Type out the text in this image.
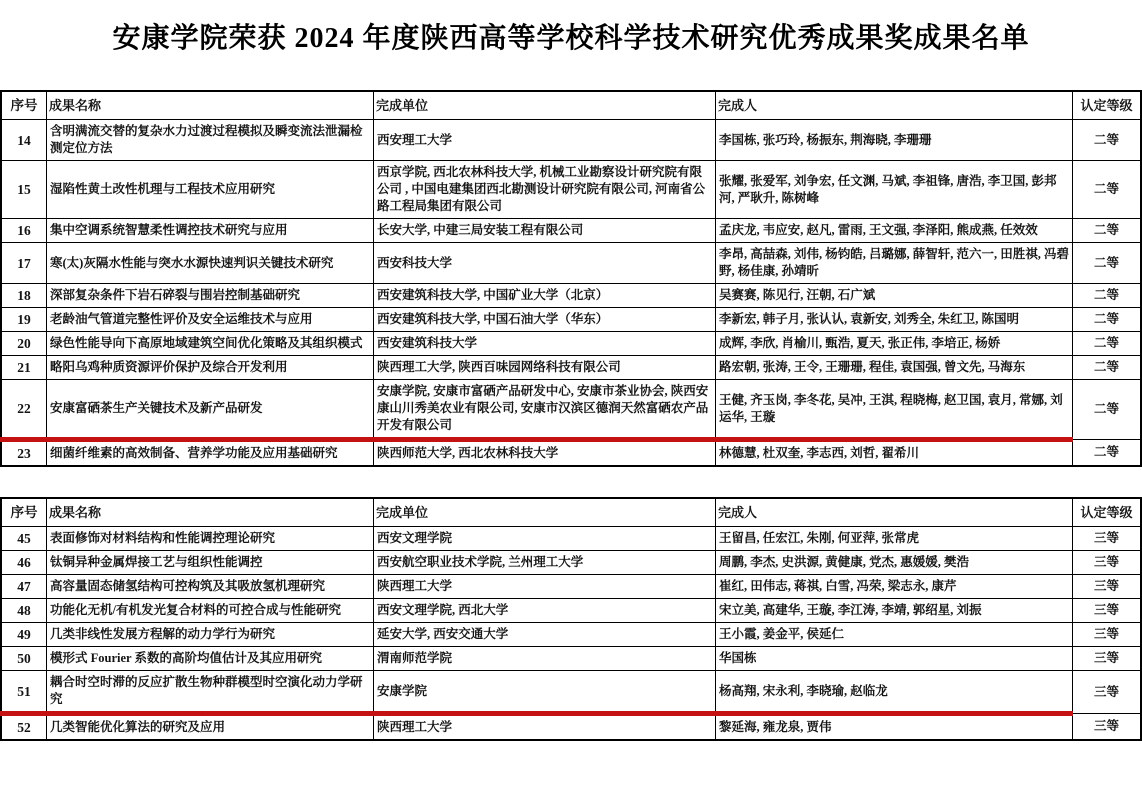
安康学院荣获 2024 年度陕西高等学校科学技术研究优秀成果奖成果名单
序号	成果名称	完成单位	完成人	认定等级
14	含明满流交替的复杂水力过渡过程模拟及瞬变流法泄漏检测定位方法	西安理工大学	李国栋, 张巧玲, 杨振东, 荆海晓, 李珊珊	二等
15	湿陷性黄土改性机理与工程技术应用研究	西京学院, 西北农林科技大学, 机械工业勘察设计研究院有限公司 , 中国电建集团西北勘测设计研究院有限公司, 河南省公路工程局集团有限公司	张耀, 张爱军, 刘争宏, 任文渊, 马斌, 李祖锋, 唐浩, 李卫国, 彭邦河, 严耿升, 陈树峰	二等
16	集中空调系统智慧柔性调控技术研究与应用	长安大学, 中建三局安装工程有限公司	孟庆龙, 韦应安, 赵凡, 雷雨, 王文强, 李泽阳, 熊成燕, 任效效	二等
17	寒(太)灰隔水性能与突水水源快速判识关键技术研究	西安科技大学	李昂, 高喆森, 刘伟, 杨钧皓, 吕璐娜, 薛智轩, 范六一, 田胜祺, 冯碧野, 杨佳康, 孙靖昕	二等
18	深部复杂条件下岩石碎裂与围岩控制基础研究	西安建筑科技大学, 中国矿业大学（北京）	吴赛赛, 陈见行, 汪朝, 石广斌	二等
19	老龄油气管道完整性评价及安全运维技术与应用	西安建筑科技大学, 中国石油大学（华东）	李新宏, 韩子月, 张认认, 袁新安, 刘秀全, 朱红卫, 陈国明	二等
20	绿色性能导向下高原地域建筑空间优化策略及其组织模式	西安建筑科技大学	成辉, 李欣, 肖榆川, 甄浩, 夏天, 张正伟, 李培正, 杨娇	二等
21	略阳乌鸡种质资源评价保护及综合开发利用	陕西理工大学, 陕西百味园网络科技有限公司	路宏朝, 张涛, 王令, 王珊珊, 程佳, 袁国强, 曾文先, 马海东	二等
22	安康富硒茶生产关键技术及新产品研发	安康学院, 安康市富硒产品研发中心, 安康市茶业协会, 陕西安康山川秀美农业有限公司, 安康市汉滨区德润天然富硒农产品开发有限公司	王健, 齐玉岗, 李冬花, 吴冲, 王淇, 程晓梅, 赵卫国, 袁月, 常娜, 刘运华, 王璇	二等
23	细菌纤维素的高效制备、营养学功能及应用基础研究	陕西师范大学, 西北农林科技大学	林德慧, 杜双奎, 李志西, 刘哲, 翟希川	二等
序号	成果名称	完成单位	完成人	认定等级
45	表面修饰对材料结构和性能调控理论研究	西安文理学院	王留昌, 任宏江, 朱刚, 何亚萍, 张常虎	三等
46	钛铜异种金属焊接工艺与组织性能调控	西安航空职业技术学院, 兰州理工大学	周鹏, 李杰, 史洪源, 黄健康, 党杰, 惠媛媛, 樊浩	三等
47	高容量固态储氢结构可控构筑及其吸放氢机理研究	陕西理工大学	崔红, 田伟志, 蒋祺, 白雪, 冯荣, 梁志永, 康芹	三等
48	功能化无机/有机发光复合材料的可控合成与性能研究	西安文理学院, 西北大学	宋立美, 高建华, 王璇, 李江涛, 李靖, 郭绍星, 刘振	三等
49	几类非线性发展方程解的动力学行为研究	延安大学, 西安交通大学	王小霞, 姜金平, 侯延仁	三等
50	模形式 Fourier 系数的高阶均值估计及其应用研究	渭南师范学院	华国栋	三等
51	耦合时空时滞的反应扩散生物种群模型时空演化动力学研究	安康学院	杨高翔, 宋永利, 李晓瑜, 赵临龙	三等
52	几类智能优化算法的研究及应用	陕西理工大学	黎延海, 雍龙泉, 贾伟	三等
